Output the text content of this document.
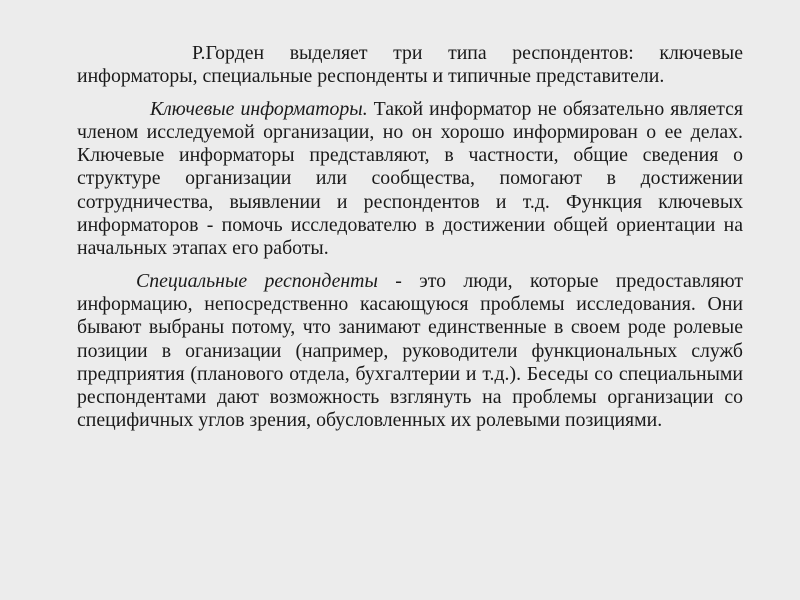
Р.Горден выделяет три типа респондентов: ключевые информаторы, специальные респонденты и типичные представители.

Ключевые информаторы. Такой информатор не обязательно является членом исследуемой организации, но он хорошо информирован о ее делах. Ключевые информаторы представляют, в частности, общие сведения о структуре организации или сообщества, помогают в достижении сотрудничества, выявлении и респондентов и т.д. Функция ключевых информаторов - помочь исследователю в достижении общей ориентации на начальных этапах его работы.

Специальные респонденты - это люди, которые предоставляют информацию, непосредственно касающуюся проблемы исследования. Они бывают выбраны потому, что занимают единственные в своем роде ролевые позиции в оганизации (например, руководители функциональных служб предприятия (планового отдела, бухгалтерии и т.д.). Беседы со специальными респондентами дают возможность взглянуть на проблемы организации со специфичных углов зрения, обусловленных их ролевыми позициями.
